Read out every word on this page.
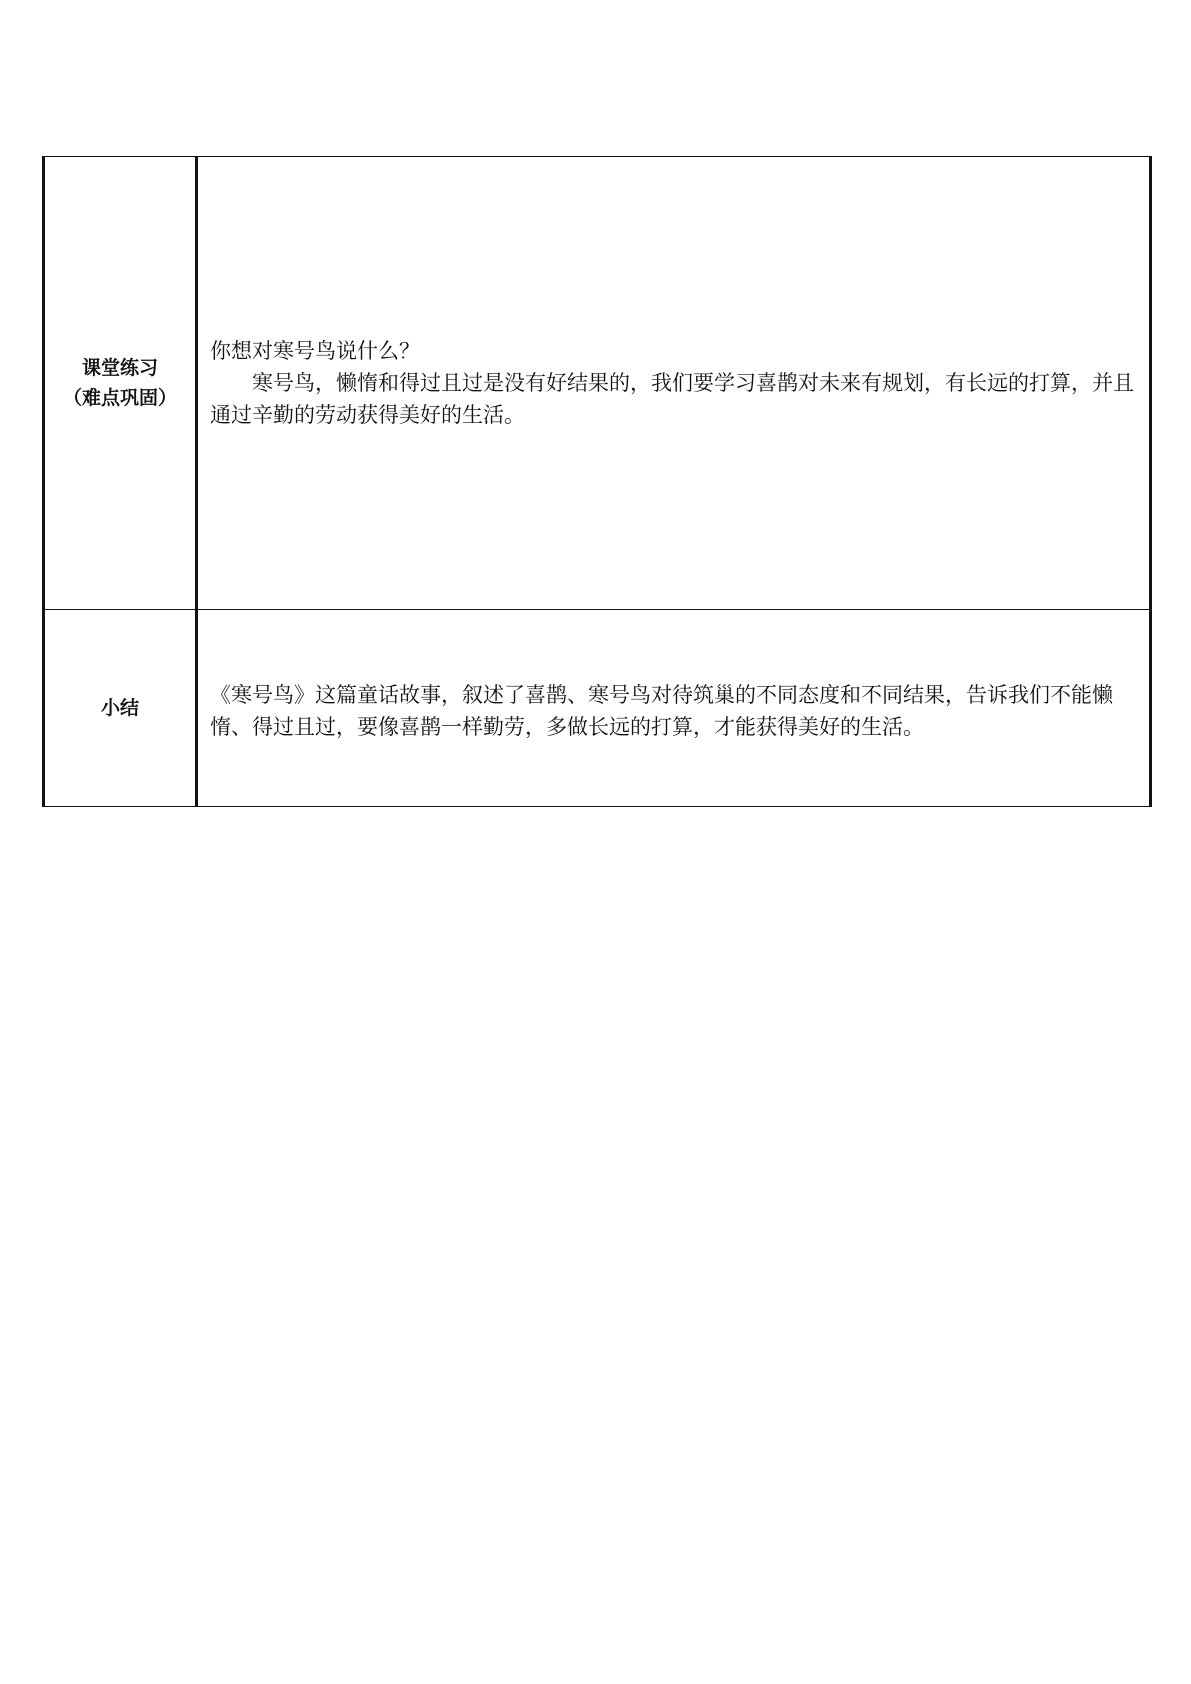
课堂练习
（难点巩固）	你想对寒号鸟说什么？
寒号鸟，懒惰和得过且过是没有好结果的，我们要学习喜鹊对未来有规划，有长远的打算，并且通过辛勤的劳动获得美好的生活。

小结	《寒号鸟》这篇童话故事，叙述了喜鹊、寒号鸟对待筑巢的不同态度和不同结果，告诉我们不能懒惰、得过且过，要像喜鹊一样勤劳，多做长远的打算，才能获得美好的生活。
